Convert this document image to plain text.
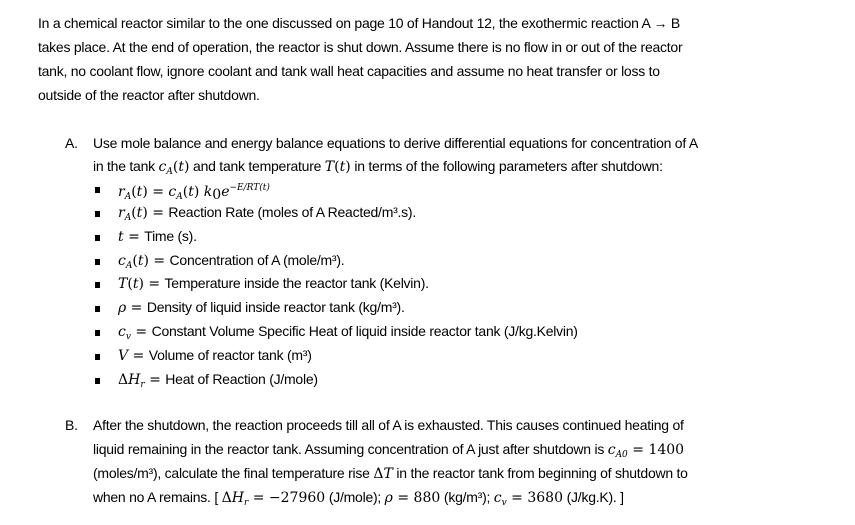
In a chemical reactor similar to the one discussed on page 10 of Handout 12, the exothermic reaction A → B
takes place. At the end of operation, the reactor is shut down. Assume there is no flow in or out of the reactor
tank, no coolant flow, ignore coolant and tank wall heat capacities and assume no heat transfer or loss to
outside of the reactor after shutdown.
A. Use mole balance and energy balance equations to derive differential equations for concentration of A
in the tank $c_A(t)$ and tank temperature T(t) in terms of the following parameters after shutdown:
$r_A(t) = c_A(t)$ $k_0e^{-E/RT(t)}$
$r_A(t)$ = Reaction Rate (moles of A Reacted/m³.s).
t = Time (s).
$c_A(t)$ = Concentration of A (mole/m³).
T(t) = Temperature inside the reactor tank (Kelvin).
ρ = Density of liquid inside reactor tank (kg/m³).
$c_v$ = Constant Volume Specific Heat of liquid inside reactor tank (J/kg.Kelvin)
V = Volume of reactor tank (m³)
$\Delta H_r$ = Heat of Reaction (J/mole)
B. After the shutdown, the reaction proceeds till all of A is exhausted. This causes continued heating of
liquid remaining in the reactor tank. Assuming concentration of A just after shutdown is $c_{A0} = 1400$
(moles/m³), calculate the final temperature rise ΔT in the reactor tank from beginning of shutdown to
when no A remains. [ $\Delta H_r = -27960$ (J/mole); ρ = 880 (kg/m³); $c_v = 3680$ (J/kg.K). ]
